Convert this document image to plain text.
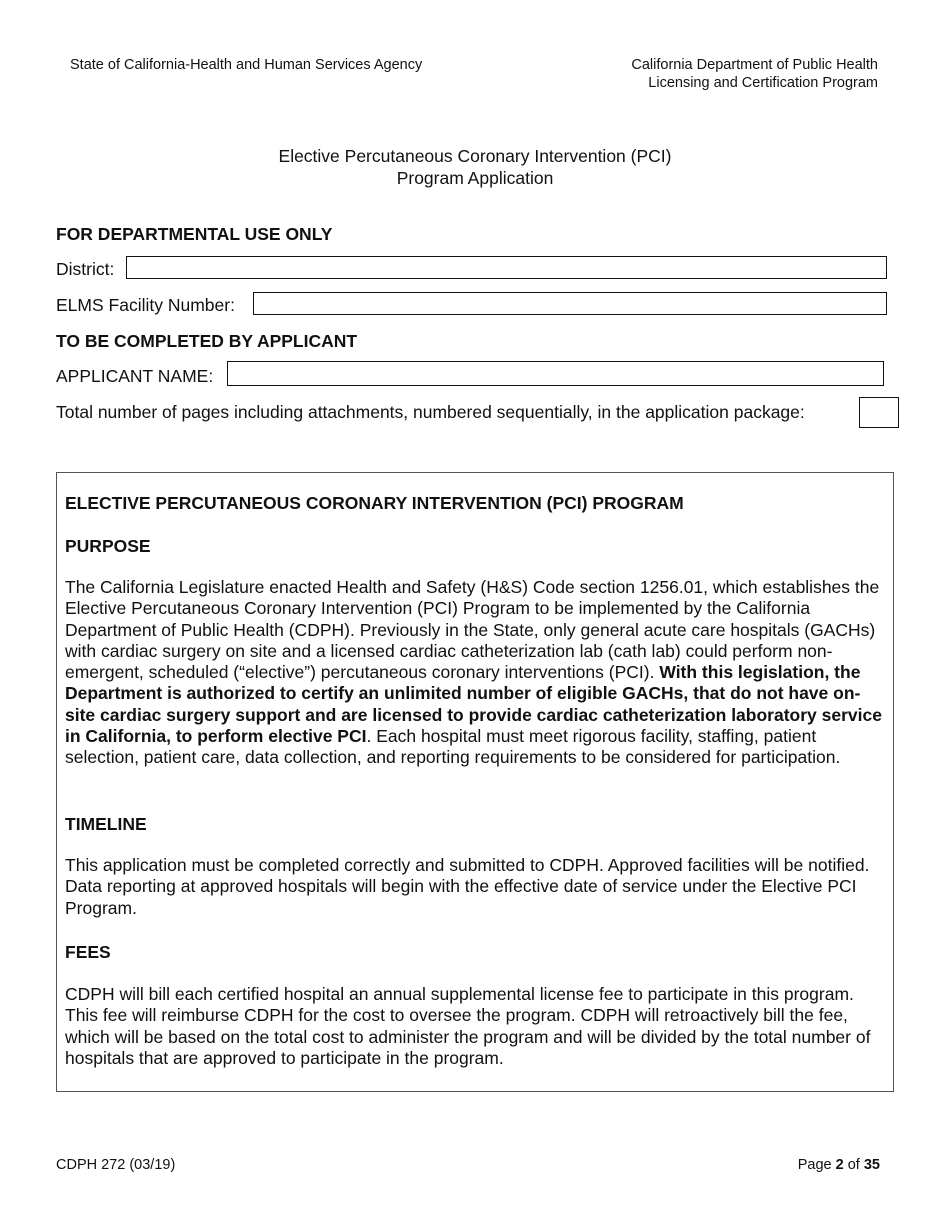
State of California-Health and Human Services Agency	California Department of Public Health
Licensing and Certification Program
Elective Percutaneous Coronary Intervention (PCI)
Program Application
FOR DEPARTMENTAL USE ONLY
District:
ELMS Facility Number:
TO BE COMPLETED BY APPLICANT
APPLICANT NAME:
Total number of pages including attachments, numbered sequentially, in the application package:
ELECTIVE PERCUTANEOUS CORONARY INTERVENTION (PCI) PROGRAM
PURPOSE
The California Legislature enacted Health and Safety (H&S) Code section 1256.01, which establishes the Elective Percutaneous Coronary Intervention (PCI) Program to be implemented by the California Department of Public Health (CDPH). Previously in the State, only general acute care hospitals (GACHs) with cardiac surgery on site and a licensed cardiac catheterization lab (cath lab) could perform non-emergent, scheduled (“elective”) percutaneous coronary interventions (PCI). With this legislation, the Department is authorized to certify an unlimited number of eligible GACHs, that do not have on-site cardiac surgery support and are licensed to provide cardiac catheterization laboratory service in California, to perform elective PCI. Each hospital must meet rigorous facility, staffing, patient selection, patient care, data collection, and reporting requirements to be considered for participation.
TIMELINE
This application must be completed correctly and submitted to CDPH. Approved facilities will be notified. Data reporting at approved hospitals will begin with the effective date of service under the Elective PCI Program.
FEES
CDPH will bill each certified hospital an annual supplemental license fee to participate in this program. This fee will reimburse CDPH for the cost to oversee the program. CDPH will retroactively bill the fee, which will be based on the total cost to administer the program and will be divided by the total number of hospitals that are approved to participate in the program.
CDPH 272 (03/19)	Page 2 of 35
